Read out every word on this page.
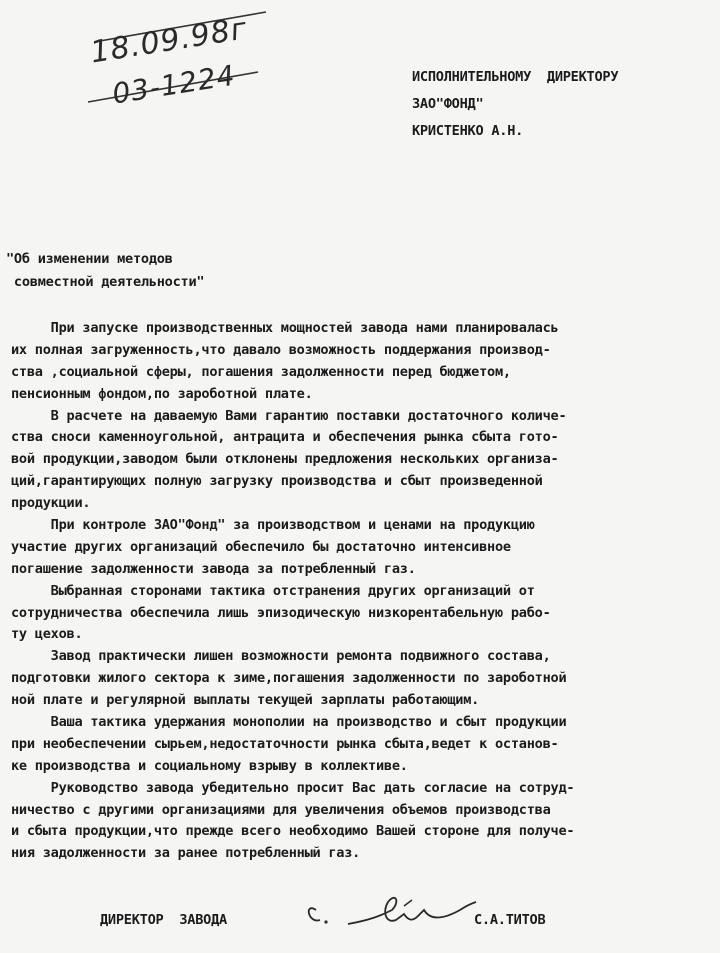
18.09.98г
03-1224	ИСПОЛНИТЕЛЬНОМУ  ДИРЕКТОРУ
ЗАО"ФОНД"
КРИСТЕНКО А.Н.
"Об изменении методов
совместной деятельности"
При запуске производственных мощностей завода нами планировалась
их полная загруженность,что давало возможность поддержания производ-
ства ,социальной сферы, погашения задолженности перед бюджетом,
пенсионным фондом,по зароботной плате.
В расчете на даваемую Вами гарантию поставки достаточного количе-
ства сноси каменноугольной, антрацита и обеспечения рынка сбыта гото-
вой продукции,заводом были отклонены предложения нескольких организа-
ций,гарантирующих полную загрузку производства и сбыт произведенной
продукции.
При контроле ЗАО"Фонд" за производством и ценами на продукцию
участие других организаций обеспечило бы достаточно интенсивное
погашение задолженности завода за потребленный газ.
Выбранная сторонами тактика отстранения других организаций от
сотрудничества обеспечила лишь эпизодическую низкорентабельную рабо-
ту цехов.
Завод практически лишен возможности ремонта подвижного состава,
подготовки жилого сектора к зиме,погашения задолженности по зароботной
ной плате и регулярной выплаты текущей зарплаты работающим.
Ваша тактика удержания монополии на производство и сбыт продукции
при необеспечении сырьем,недостаточности рынка сбыта,ведет к останов-
ке производства и социальному взрыву в коллективе.
Руководство завода убедительно просит Вас дать согласие на сотруд-
ничество с другими организациями для увеличения объемов производства
и сбыта продукции,что прежде всего необходимо Вашей стороне для получе-
ния задолженности за ранее потребленный газ.
ДИРЕКТОР  ЗАВОДА	С.А.ТИТОВ
